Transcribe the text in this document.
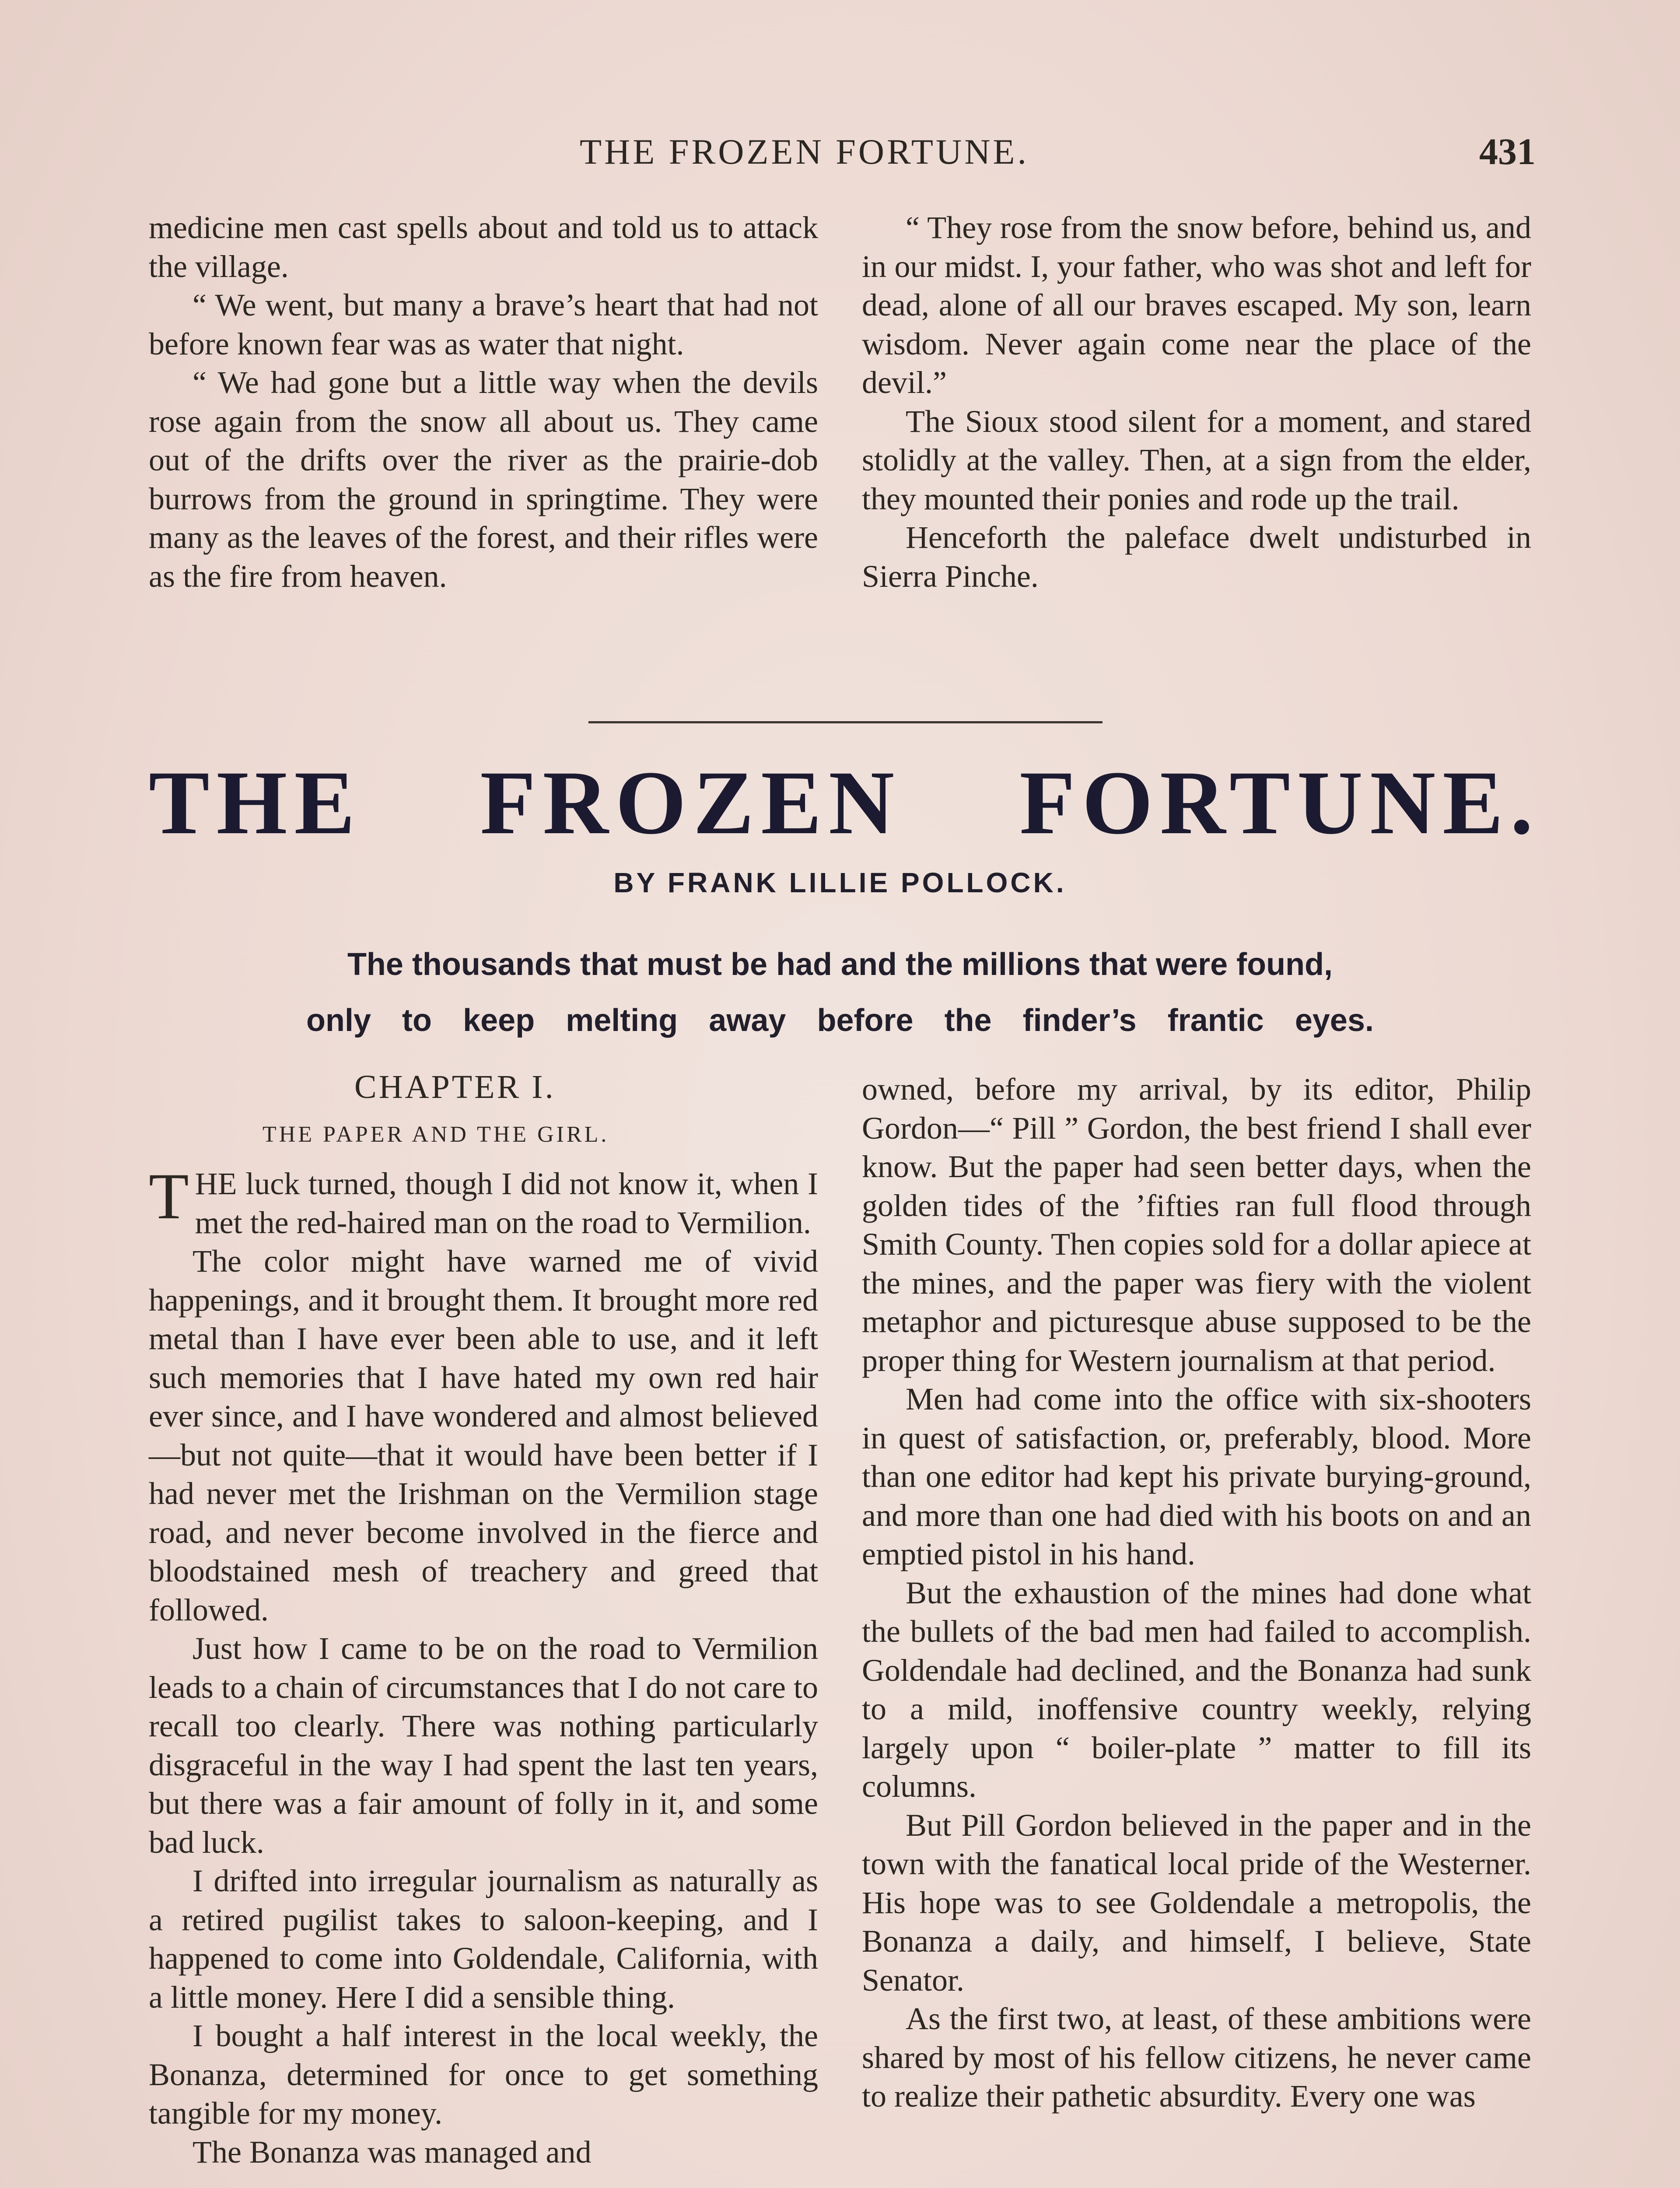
THE FROZEN FORTUNE.	431

medicine men cast spells about and told us to attack the village.

“ We went, but many a brave’s heart that had not before known fear was as water that night.

“ We had gone but a little way when the devils rose again from the snow all about us. They came out of the drifts over the river as the prairie-dob burrows from the ground in springtime. They were many as the leaves of the forest, and their rifles were as the fire from heaven.

“ They rose from the snow before, behind us, and in our midst. I, your father, who was shot and left for dead, alone of all our braves escaped. My son, learn wisdom. Never again come near the place of the devil.”

The Sioux stood silent for a moment, and stared stolidly at the valley. Then, at a sign from the elder, they mounted their ponies and rode up the trail.

Henceforth the paleface dwelt undisturbed in Sierra Pinche.

THE FROZEN FORTUNE.
BY FRANK LILLIE POLLOCK.
The thousands that must be had and the millions that were found,
only to keep melting away before the finder’s frantic eyes.
CHAPTER I.
THE PAPER AND THE GIRL.

THE luck turned, though I did not know it, when I met the red-haired man on the road to Vermilion.

The color might have warned me of vivid happenings, and it brought them. It brought more red metal than I have ever been able to use, and it left such memories that I have hated my own red hair ever since, and I have wondered and almost believed—but not quite—that it would have been better if I had never met the Irishman on the Vermilion stage road, and never become involved in the fierce and bloodstained mesh of treachery and greed that followed.

Just how I came to be on the road to Vermilion leads to a chain of circumstances that I do not care to recall too clearly. There was nothing particularly disgraceful in the way I had spent the last ten years, but there was a fair amount of folly in it, and some bad luck.

I drifted into irregular journalism as naturally as a retired pugilist takes to saloon-keeping, and I happened to come into Goldendale, California, with a little money. Here I did a sensible thing.

I bought a half interest in the local weekly, the Bonanza, determined for once to get something tangible for my money.

The Bonanza was managed and

owned, before my arrival, by its editor, Philip Gordon—“ Pill ” Gordon, the best friend I shall ever know. But the paper had seen better days, when the golden tides of the ’fifties ran full flood through Smith County. Then copies sold for a dollar apiece at the mines, and the paper was fiery with the violent metaphor and picturesque abuse supposed to be the proper thing for Western journalism at that period.

Men had come into the office with six-shooters in quest of satisfaction, or, preferably, blood. More than one editor had kept his private burying-ground, and more than one had died with his boots on and an emptied pistol in his hand.

But the exhaustion of the mines had done what the bullets of the bad men had failed to accomplish. Goldendale had declined, and the Bonanza had sunk to a mild, inoffensive country weekly, relying largely upon “ boiler-plate ” matter to fill its columns.

But Pill Gordon believed in the paper and in the town with the fanatical local pride of the Westerner. His hope was to see Goldendale a metropolis, the Bonanza a daily, and himself, I believe, State Senator.

As the first two, at least, of these ambitions were shared by most of his fellow citizens, he never came to realize their pathetic absurdity. Every one was
